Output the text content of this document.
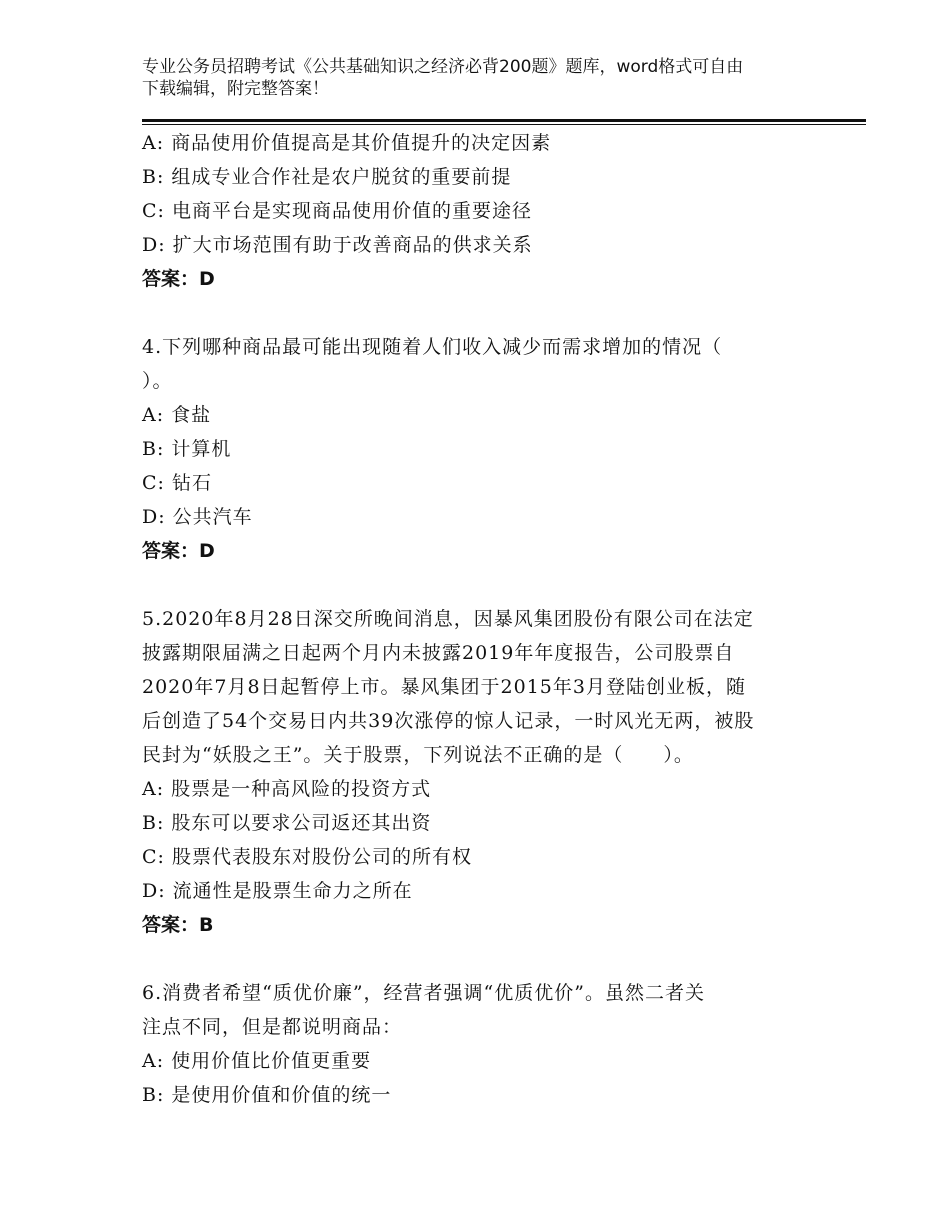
专业公务员招聘考试《公共基础知识之经济必背200题》题库，word格式可自由
下载编辑，附完整答案！
A: 商品使用价值提高是其价值提升的决定因素
B: 组成专业合作社是农户脱贫的重要前提
C: 电商平台是实现商品使用价值的重要途径
D: 扩大市场范围有助于改善商品的供求关系
答案：D
4.下列哪种商品最可能出现随着人们收入减少而需求增加的情况（
）。
A: 食盐
B: 计算机
C: 钻石
D: 公共汽车
答案：D
5.2020年8月28日深交所晚间消息，因暴风集团股份有限公司在法定
披露期限届满之日起两个月内未披露2019年年度报告，公司股票自
2020年7月8日起暂停上市。暴风集团于2015年3月登陆创业板，随
后创造了54个交易日内共39次涨停的惊人记录，一时风光无两，被股
民封为“妖股之王”。关于股票，下列说法不正确的是（　　）。
A: 股票是一种高风险的投资方式
B: 股东可以要求公司返还其出资
C: 股票代表股东对股份公司的所有权
D: 流通性是股票生命力之所在
答案：B
6.消费者希望“质优价廉”，经营者强调“优质优价”。虽然二者关
注点不同，但是都说明商品：
A: 使用价值比价值更重要
B: 是使用价值和价值的统一
